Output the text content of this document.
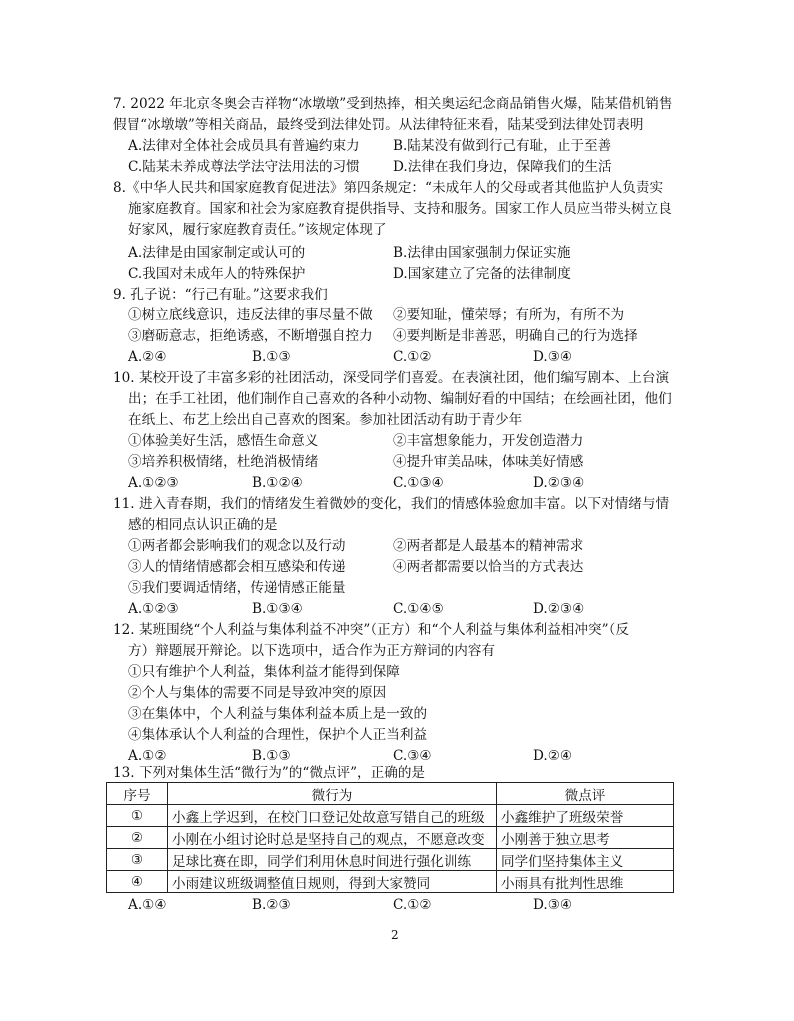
7. 2022 年北京冬奥会吉祥物“冰墩墩”受到热捧，相关奥运纪念商品销售火爆，陆某借机销售
假冒“冰墩墩”等相关商品，最终受到法律处罚。从法律特征来看，陆某受到法律处罚表明
A.法律对全体社会成员具有普遍约束力 B.陆某没有做到行己有耻，止于至善
C.陆某未养成尊法学法守法用法的习惯 D.法律在我们身边，保障我们的生活
8.《中华人民共和国家庭教育促进法》第四条规定：“未成年人的父母或者其他监护人负责实
施家庭教育。国家和社会为家庭教育提供指导、支持和服务。国家工作人员应当带头树立良
好家风，履行家庭教育责任。”该规定体现了
A.法律是由国家制定或认可的	B.法律由国家强制力保证实施
C.我国对未成年人的特殊保护	D.国家建立了完备的法律制度
9. 孔子说：“行己有耻。”这要求我们
①树立底线意识，违反法律的事尽量不做 ②要知耻，懂荣辱；有所为，有所不为
③磨砺意志，拒绝诱惑，不断增强自控力 ④要判断是非善恶，明确自己的行为选择
A.②④	B.①③	C.①②	D.③④
10. 某校开设了丰富多彩的社团活动，深受同学们喜爱。在表演社团，他们编写剧本、上台演
出；在手工社团，他们制作自己喜欢的各种小动物、编制好看的中国结；在绘画社团，他们
在纸上、布艺上绘出自己喜欢的图案。参加社团活动有助于青少年
①体验美好生活，感悟生命意义	②丰富想象能力，开发创造潜力
③培养积极情绪，杜绝消极情绪	④提升审美品味，体味美好情感
A.①②③	B.①②④	C.①③④	D.②③④
11. 进入青春期，我们的情绪发生着微妙的变化，我们的情感体验愈加丰富。以下对情绪与情
感的相同点认识正确的是
①两者都会影响我们的观念以及行动	②两者都是人最基本的精神需求
③人的情绪情感都会相互感染和传递	④两者都需要以恰当的方式表达
⑤我们要调适情绪，传递情感正能量
A.①②③	B.①③④	C.①④⑤	D.②③④
12. 某班围绕“个人利益与集体利益不冲突”（正方）和“个人利益与集体利益相冲突”（反
方）辩题展开辩论。以下选项中，适合作为正方辩词的内容有
①只有维护个人利益，集体利益才能得到保障
②个人与集体的需要不同是导致冲突的原因
③在集体中，个人利益与集体利益本质上是一致的
④集体承认个人利益的合理性，保护个人正当利益
A.①②	B.①③	C.③④	D.②④
13. 下列对集体生活“微行为”的“微点评”，正确的是
序号	微行为	微点评
①	小鑫上学迟到，在校门口登记处故意写错自己的班级	小鑫维护了班级荣誉
②	小刚在小组讨论时总是坚持自己的观点，不愿意改变	小刚善于独立思考
③	足球比赛在即，同学们利用休息时间进行强化训练	同学们坚持集体主义
④	小雨建议班级调整值日规则，得到大家赞同	小雨具有批判性思维
A.①④	B.②③	C.①②	D.③④
2
